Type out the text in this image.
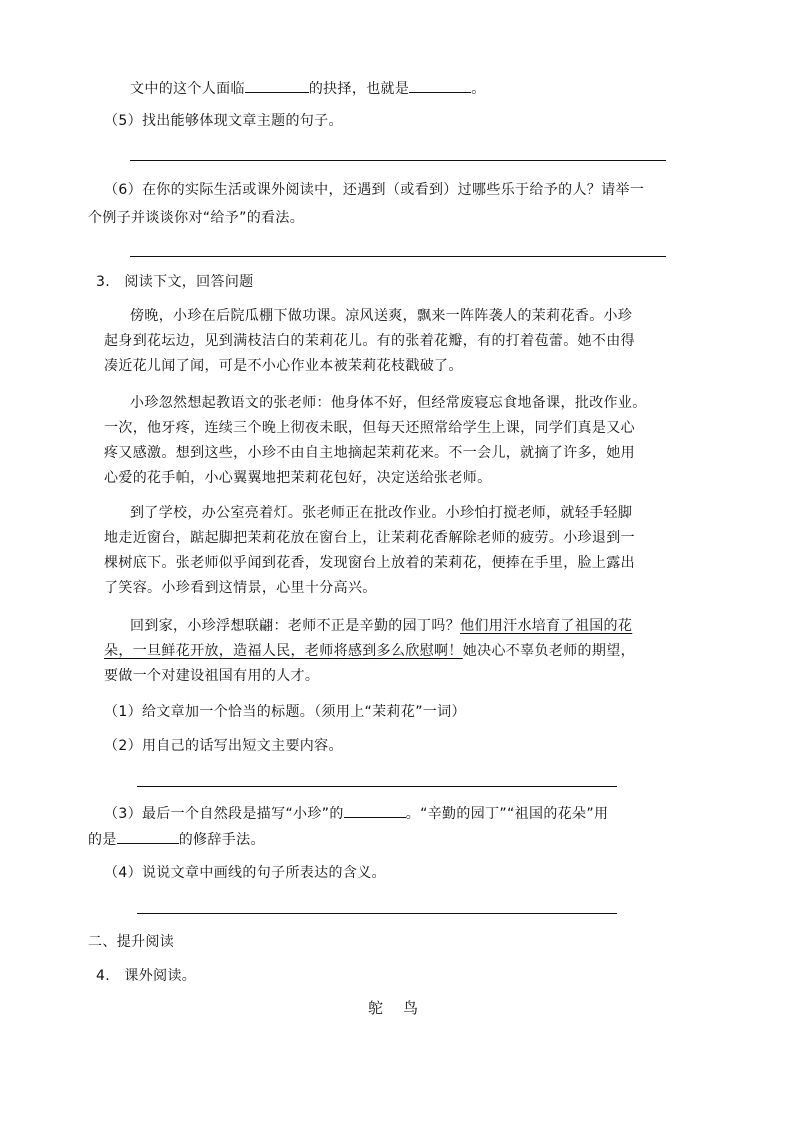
文中的这个人面临	的抉择，也就是	。
（5）找出能够体现文章主题的句子。
（6）在你的实际生活或课外阅读中，还遇到（或看到）过哪些乐于给予的人？请举一
个例子并谈谈你对“给予”的看法。
3.　阅读下文，回答问题
傍晚，小珍在后院瓜棚下做功课。凉风送爽，飘来一阵阵袭人的茉莉花香。小珍
起身到花坛边，见到满枝洁白的茉莉花儿。有的张着花瓣，有的打着苞蕾。她不由得
凑近花儿闻了闻，可是不小心作业本被茉莉花枝戳破了。
小珍忽然想起教语文的张老师：他身体不好，但经常废寝忘食地备课，批改作业。
一次，他牙疼，连续三个晚上彻夜未眠，但每天还照常给学生上课，同学们真是又心
疼又感激。想到这些，小珍不由自主地摘起茉莉花来。不一会儿，就摘了许多，她用
心爱的花手帕，小心翼翼地把茉莉花包好，决定送给张老师。
到了学校，办公室亮着灯。张老师正在批改作业。小珍怕打搅老师，就轻手轻脚
地走近窗台，踮起脚把茉莉花放在窗台上，让茉莉花香解除老师的疲劳。小珍退到一
棵树底下。张老师似乎闻到花香，发现窗台上放着的茉莉花，便捧在手里，脸上露出
了笑容。小珍看到这情景，心里十分高兴。
回到家，小珍浮想联翩：老师不正是辛勤的园丁吗？他们用汗水培育了祖国的花
朵，一旦鲜花开放，造福人民，老师将感到多么欣慰啊！她决心不辜负老师的期望，
要做一个对建设祖国有用的人才。
（1）给文章加一个恰当的标题。（须用上“茉莉花”一词）
（2）用自己的话写出短文主要内容。
（3）最后一个自然段是描写“小珍”的	。“辛勤的园丁”“祖国的花朵”用
的是	的修辞手法。
（4）说说文章中画线的句子所表达的含义。
二、提升阅读
4.　课外阅读。
鸵鸟
